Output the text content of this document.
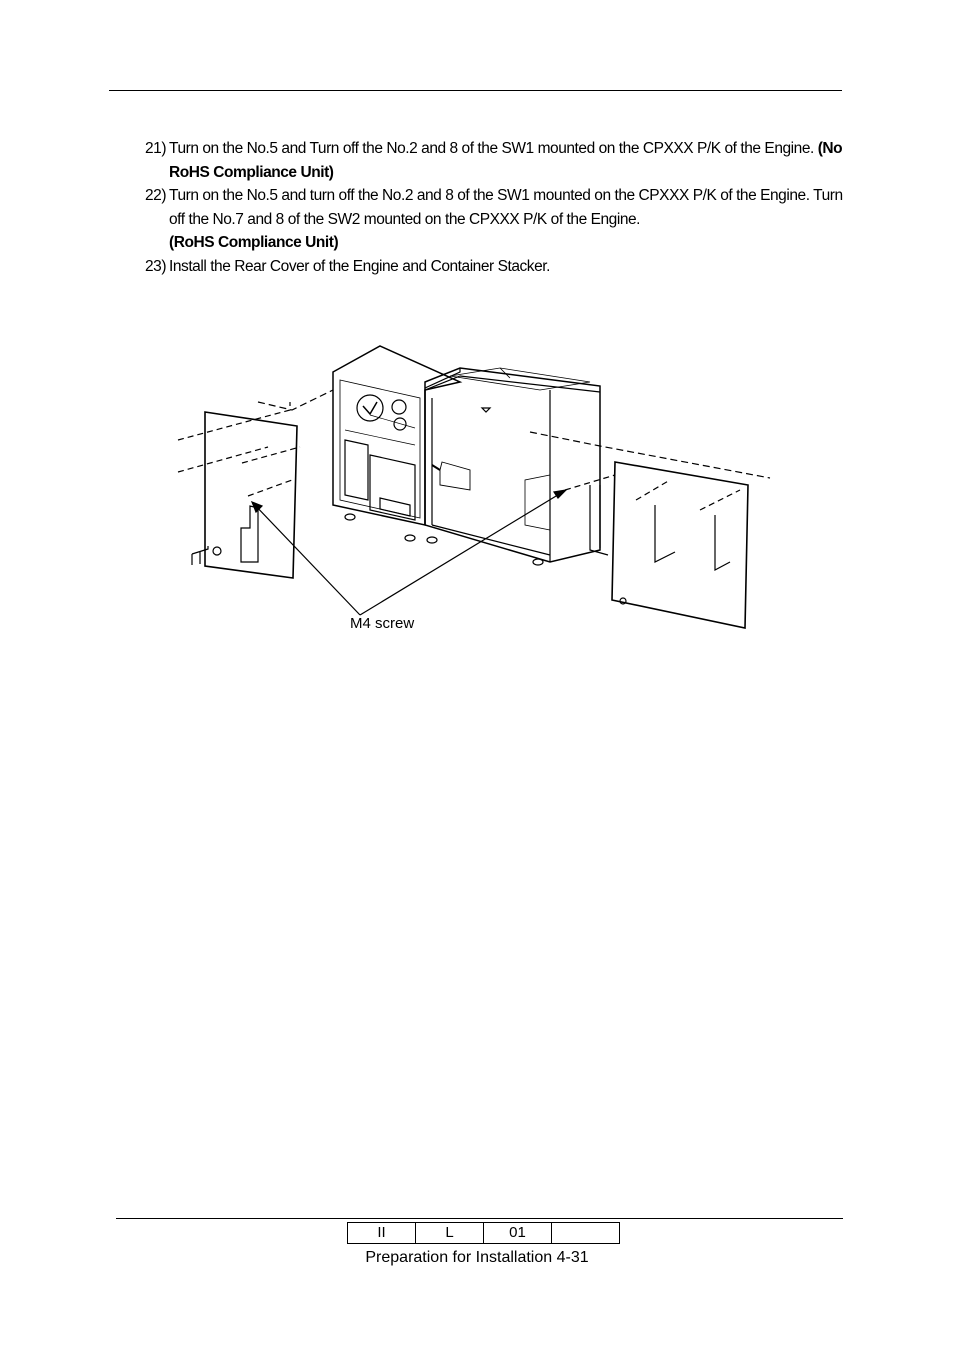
21) Turn on the No.5 and Turn off the No.2 and 8 of the SW1 mounted on the CPXXX P/K of the Engine. (No RoHS Compliance Unit)
22) Turn on the No.5 and turn off the No.2 and 8 of the SW1 mounted on the CPXXX P/K of the Engine. Turn off the No.7 and 8 of the SW2 mounted on the CPXXX P/K of the Engine.
(RoHS Compliance Unit)
23) Install the Rear Cover of the Engine and Container Stacker.
M4 screw
II	L	01	
Preparation for Installation 4-31
